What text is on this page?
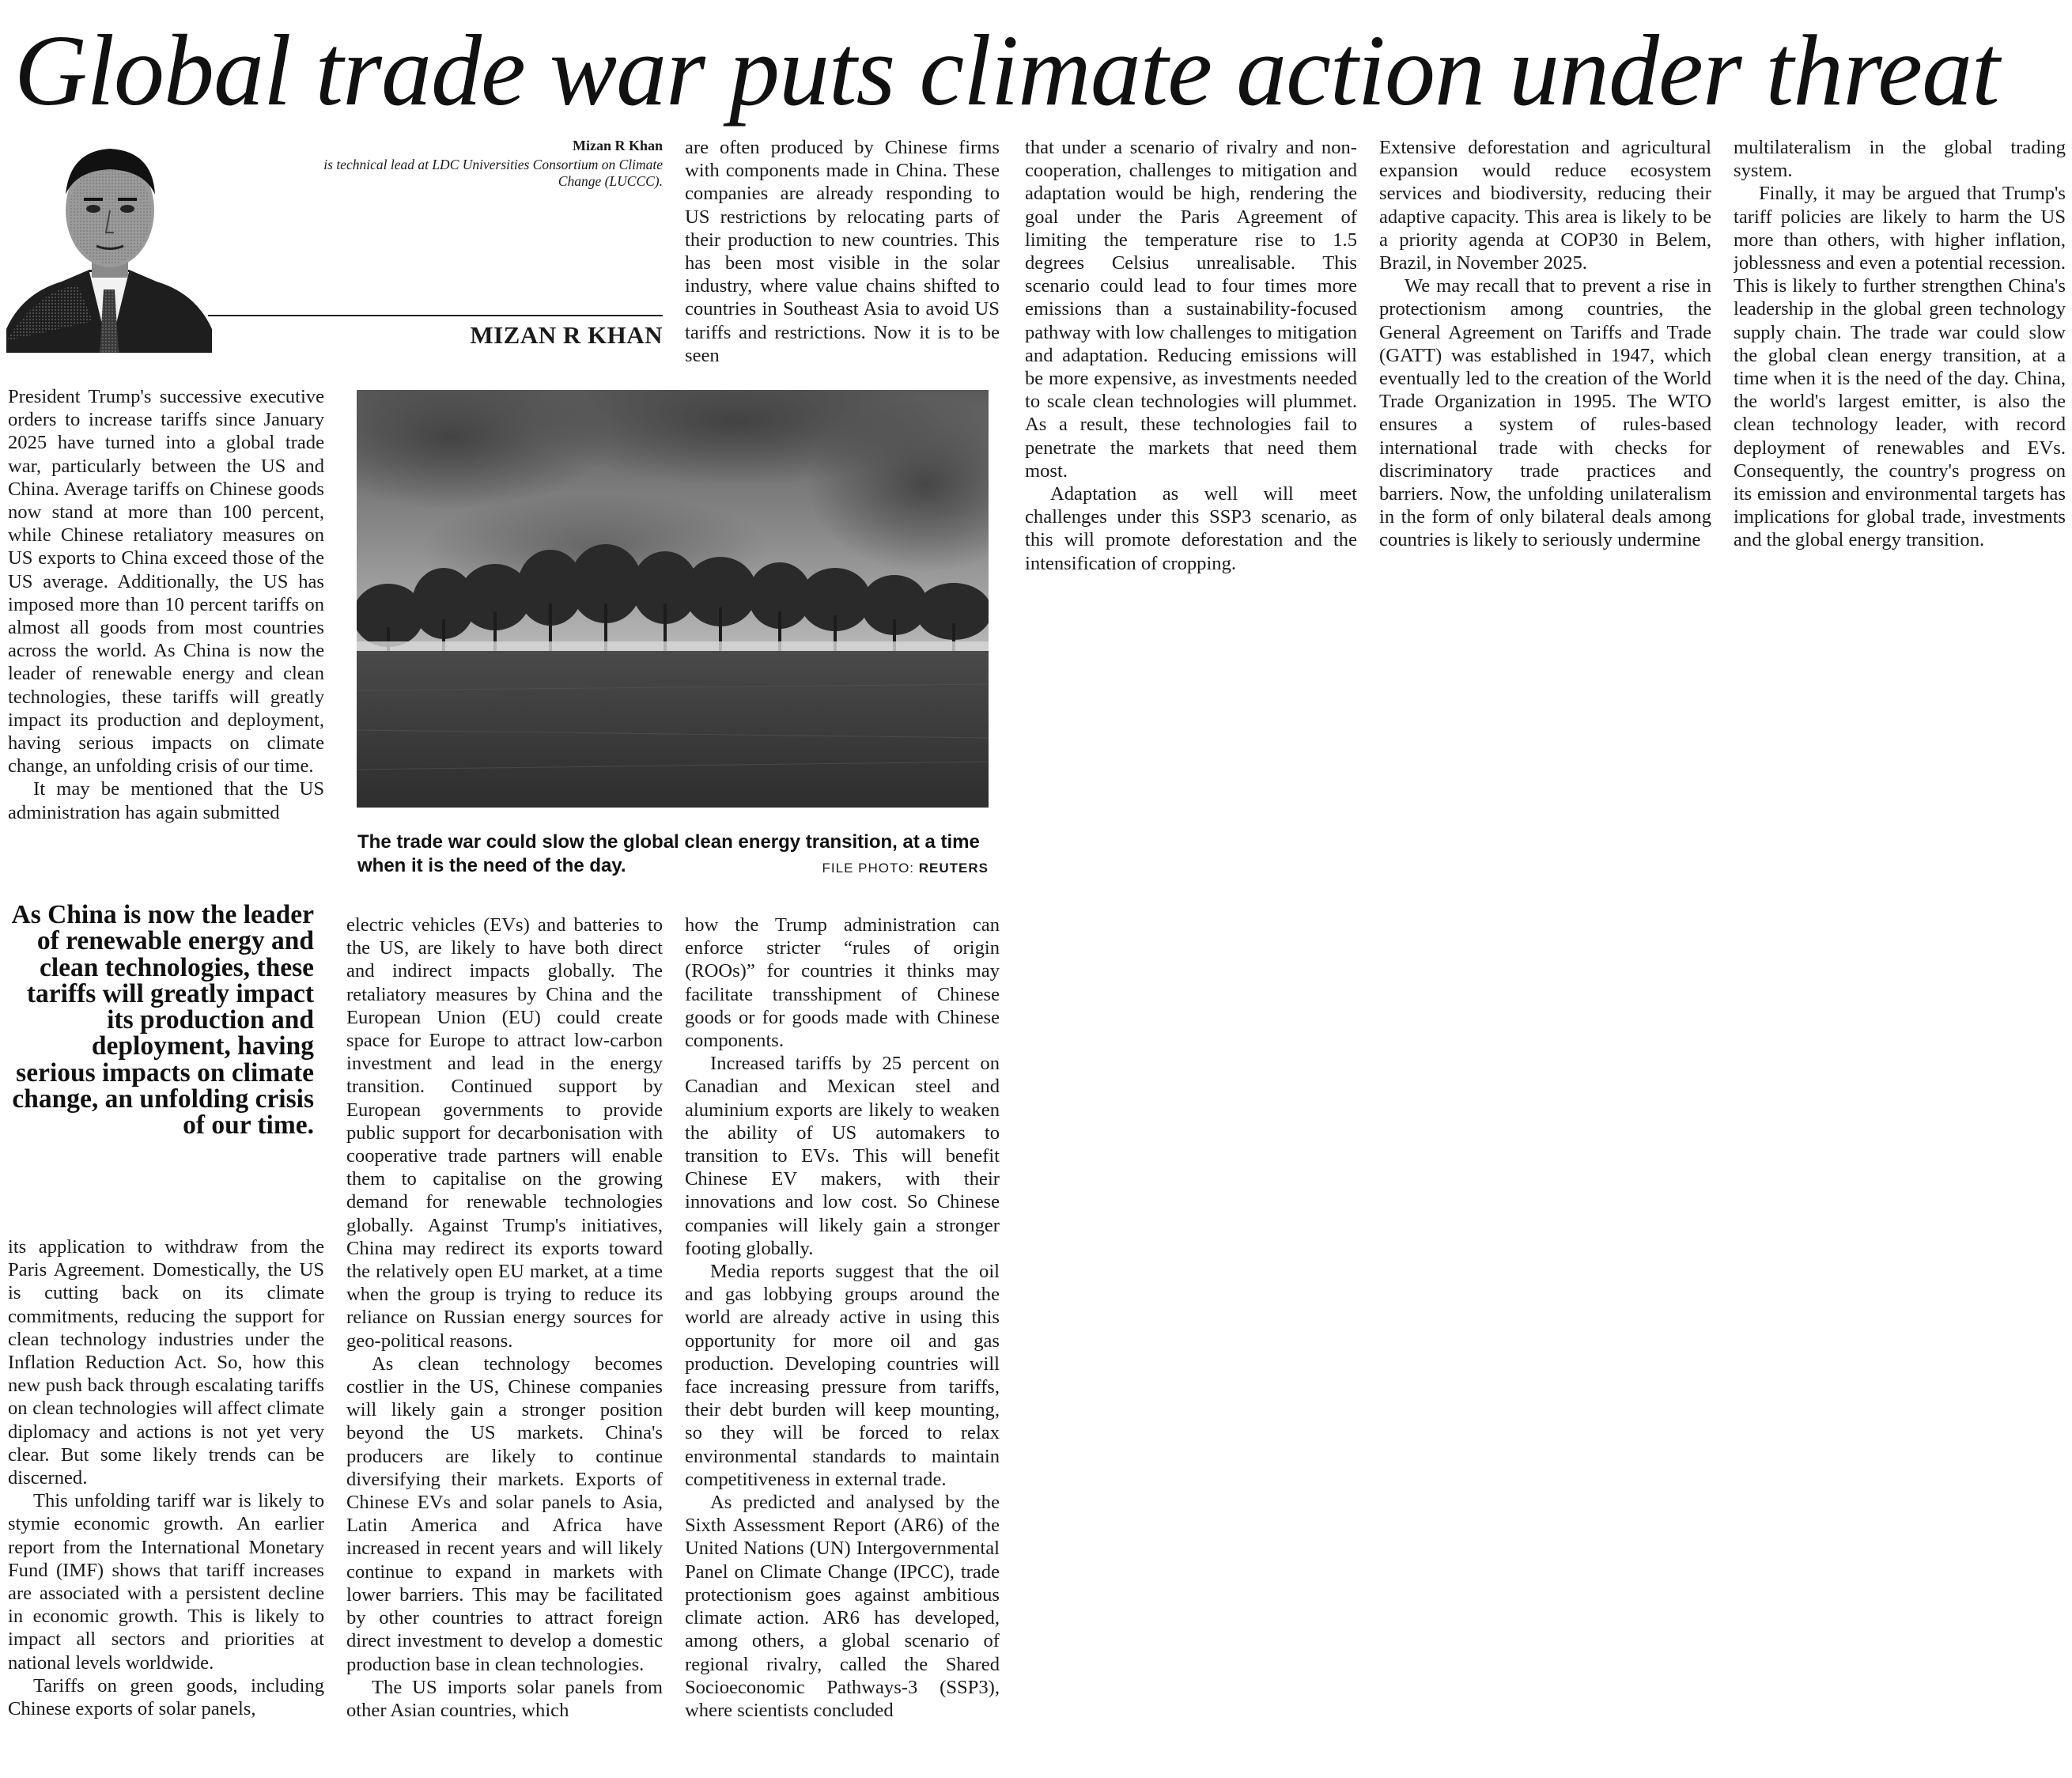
Global trade war puts climate action under threat
Mizan R Khan
is technical lead at LDC Universities Consortium on Climate Change (LUCCC).
MIZAN R KHAN
The trade war could slow the global clean energy transition, at a time when it is the need of the day.	FILE PHOTO: REUTERS
As China is now the leader of renewable energy and clean technologies, these tariffs will greatly impact its production and deployment, having serious impacts on climate change, an unfolding crisis of our time.

President Trump's successive executive orders to increase tariffs since January 2025 have turned into a global trade war, particularly between the US and China. Average tariffs on Chinese goods now stand at more than 100 percent, while Chinese retaliatory measures on US exports to China exceed those of the US average. Additionally, the US has imposed more than 10 percent tariffs on almost all goods from most countries across the world. As China is now the leader of renewable energy and clean technologies, these tariffs will greatly impact its production and deployment, having serious impacts on climate change, an unfolding crisis of our time.

It may be mentioned that the US administration has again submitted

its application to withdraw from the Paris Agreement. Domestically, the US is cutting back on its climate commitments, reducing the support for clean technology industries under the Inflation Reduction Act. So, how this new push back through escalating tariffs on clean technologies will affect climate diplomacy and actions is not yet very clear. But some likely trends can be discerned.

This unfolding tariff war is likely to stymie economic growth. An earlier report from the International Monetary Fund (IMF) shows that tariff increases are associated with a persistent decline in economic growth. This is likely to impact all sectors and priorities at national levels worldwide.

Tariffs on green goods, including Chinese exports of solar panels,

electric vehicles (EVs) and batteries to the US, are likely to have both direct and indirect impacts globally. The retaliatory measures by China and the European Union (EU) could create space for Europe to attract low-carbon investment and lead in the energy transition. Continued support by European governments to provide public support for decarbonisation with cooperative trade partners will enable them to capitalise on the growing demand for renewable technologies globally. Against Trump's initiatives, China may redirect its exports toward the relatively open EU market, at a time when the group is trying to reduce its reliance on Russian energy sources for geo-political reasons.

As clean technology becomes costlier in the US, Chinese companies will likely gain a stronger position beyond the US markets. China's producers are likely to continue diversifying their markets. Exports of Chinese EVs and solar panels to Asia, Latin America and Africa have increased in recent years and will likely continue to expand in markets with lower barriers. This may be facilitated by other countries to attract foreign direct investment to develop a domestic production base in clean technologies.

The US imports solar panels from other Asian countries, which

are often produced by Chinese firms with components made in China. These companies are already responding to US restrictions by relocating parts of their production to new countries. This has been most visible in the solar industry, where value chains shifted to countries in Southeast Asia to avoid US tariffs and restrictions. Now it is to be seen

how the Trump administration can enforce stricter “rules of origin (ROOs)” for countries it thinks may facilitate transshipment of Chinese goods or for goods made with Chinese components.

Increased tariffs by 25 percent on Canadian and Mexican steel and aluminium exports are likely to weaken the ability of US automakers to transition to EVs. This will benefit Chinese EV makers, with their innovations and low cost. So Chinese companies will likely gain a stronger footing globally.

Media reports suggest that the oil and gas lobbying groups around the world are already active in using this opportunity for more oil and gas production. Developing countries will face increasing pressure from tariffs, their debt burden will keep mounting, so they will be forced to relax environmental standards to maintain competitiveness in external trade.

As predicted and analysed by the Sixth Assessment Report (AR6) of the United Nations (UN) Intergovernmental Panel on Climate Change (IPCC), trade protectionism goes against ambitious climate action. AR6 has developed, among others, a global scenario of regional rivalry, called the Shared Socioeconomic Pathways-3 (SSP3), where scientists concluded

that under a scenario of rivalry and non-cooperation, challenges to mitigation and adaptation would be high, rendering the goal under the Paris Agreement of limiting the temperature rise to 1.5 degrees Celsius unrealisable. This scenario could lead to four times more emissions than a sustainability-focused pathway with low challenges to mitigation and adaptation. Reducing emissions will be more expensive, as investments needed to scale clean technologies will plummet. As a result, these technologies fail to penetrate the markets that need them most.

Adaptation as well will meet challenges under this SSP3 scenario, as this will promote deforestation and the intensification of cropping.

Extensive deforestation and agricultural expansion would reduce ecosystem services and biodiversity, reducing their adaptive capacity. This area is likely to be a priority agenda at COP30 in Belem, Brazil, in November 2025.

We may recall that to prevent a rise in protectionism among countries, the General Agreement on Tariffs and Trade (GATT) was established in 1947, which eventually led to the creation of the World Trade Organization in 1995. The WTO ensures a system of rules-based international trade with checks for discriminatory trade practices and barriers. Now, the unfolding unilateralism in the form of only bilateral deals among countries is likely to seriously undermine

multilateralism in the global trading system.

Finally, it may be argued that Trump's tariff policies are likely to harm the US more than others, with higher inflation, joblessness and even a potential recession. This is likely to further strengthen China's leadership in the global green technology supply chain. The trade war could slow the global clean energy transition, at a time when it is the need of the day. China, the world's largest emitter, is also the clean technology leader, with record deployment of renewables and EVs. Consequently, the country's progress on its emission and environmental targets has implications for global trade, investments and the global energy transition.
